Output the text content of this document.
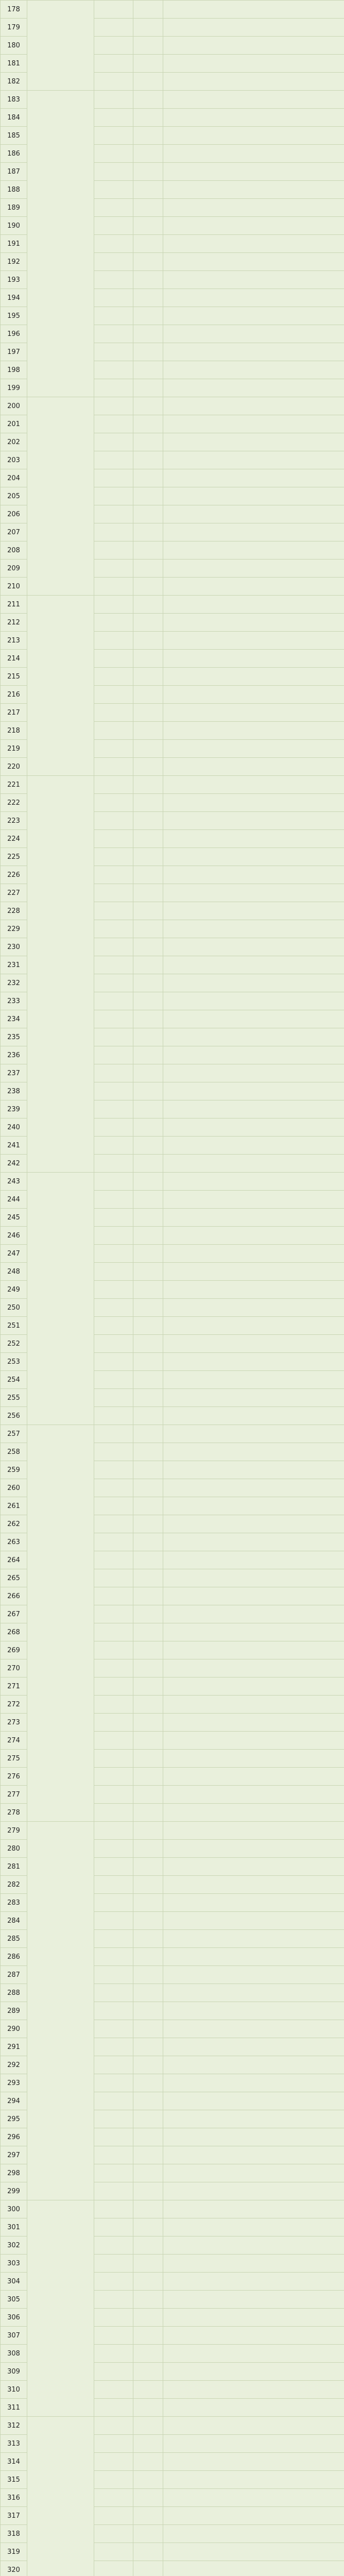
178				
179				
180				
181				
182				
183				
184				
185				
186				
187				
188				
189				
190				
191				
192				
193				
194				
195				
196				
197				
198				
199				
200				
201				
202				
203				
204				
205				
206				
207				
208				
209				
210				
211				
212				
213				
214				
215				
216				
217				
218				
219				
220				
221				
222				
223				
224				
225				
226				
227				
228				
229				
230				
231				
232				
233				
234				
235				
236				
237				
238				
239				
240				
241				
242				
243				
244				
245				
246				
247				
248				
249				
250				
251				
252				
253				
254				
255				
256				
257				
258				
259				
260				
261				
262				
263				
264				
265				
266				
267				
268				
269				
270				
271				
272				
273				
274				
275				
276				
277				
278				
279				
280				
281				
282				
283				
284				
285				
286				
287				
288				
289				
290				
291				
292				
293				
294				
295				
296				
297				
298				
299				
300				
301				
302				
303				
304				
305				
306				
307				
308				
309				
310				
311				
312				
313				
314				
315				
316				
317				
318				
319				
320				
